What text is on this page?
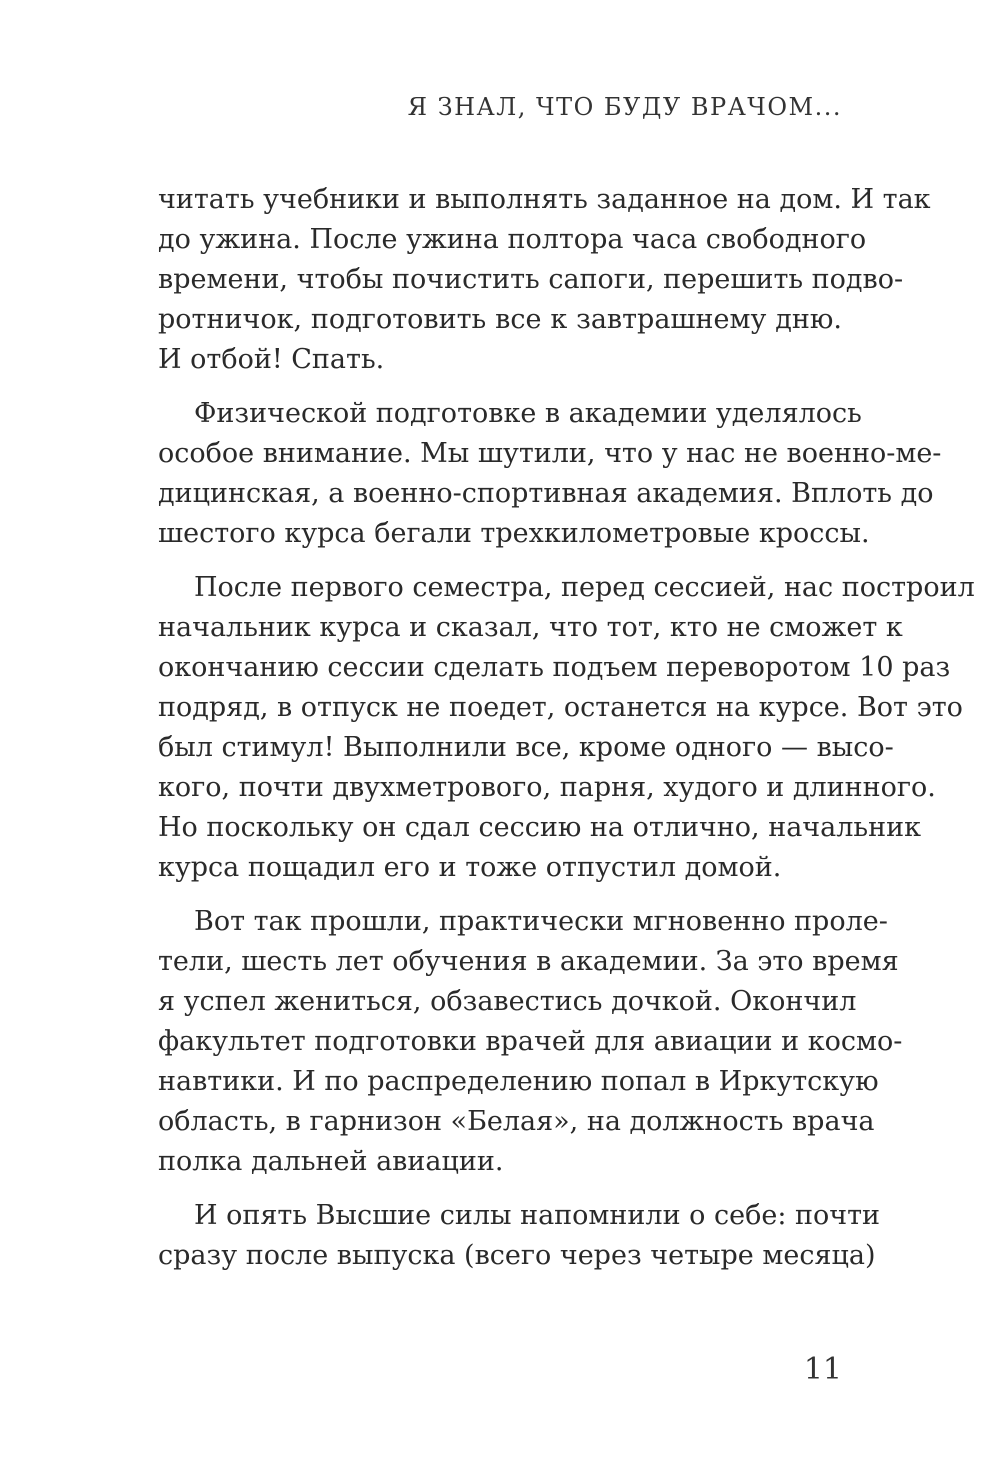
Я ЗНАЛ, ЧТО БУДУ ВРАЧОМ...
читать учебники и выполнять заданное на дом. И так
до ужина. После ужина полтора часа свободного
времени, чтобы почистить сапоги, перешить подво-
ротничок, подготовить все к завтрашнему дню.
И отбой! Спать.
Физической подготовке в академии уделялось
особое внимание. Мы шутили, что у нас не военно-ме-
дицинская, а военно-спортивная академия. Вплоть до
шестого курса бегали трехкилометровые кроссы.
После первого семестра, перед сессией, нас построил
начальник курса и сказал, что тот, кто не сможет к
окончанию сессии сделать подъем переворотом 10 раз
подряд, в отпуск не поедет, останется на курсе. Вот это
был стимул! Выполнили все, кроме одного — высо-
кого, почти двухметрового, парня, худого и длинного.
Но поскольку он сдал сессию на отлично, начальник
курса пощадил его и тоже отпустил домой.
Вот так прошли, практически мгновенно проле-
тели, шесть лет обучения в академии. За это время
я успел жениться, обзавестись дочкой. Окончил
факультет подготовки врачей для авиации и космо-
навтики. И по распределению попал в Иркутскую
область, в гарнизон «Белая», на должность врача
полка дальней авиации.
И опять Высшие силы напомнили о себе: почти
сразу после выпуска (всего через четыре месяца)
11
